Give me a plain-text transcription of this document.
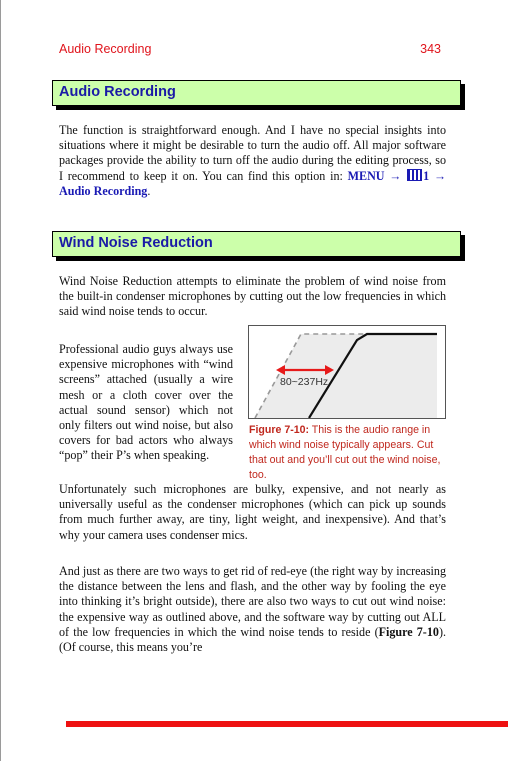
Audio Recording	343
Audio Recording

The function is straightforward enough. And I have no special insights into situations where it might be desirable to turn the audio off. All major software packages provide the ability to turn off the audio during the editing process, so I recommend to keep it on. You can find this option in: MENU → 1 → Audio Recording.

Wind Noise Reduction

Wind Noise Reduction attempts to eliminate the problem of wind noise from the built-in condenser microphones by cutting out the low frequencies in which said wind noise tends to occur.

Professional audio guys always use expensive microphones with “wind screens” attached (usually a wire mesh or a cloth cover over the actual sound sensor) which not only filters out wind noise, but also covers for bad actors who always “pop” their P’s when speaking.

Unfortunately such microphones are bulky, expensive, and not nearly as universally useful as the condenser microphones (which can pick up sounds from much further away, are tiny, light weight, and inexpensive). And that’s why your camera uses condenser mics.

And just as there are two ways to get rid of red-eye (the right way by increasing the distance between the lens and flash, and the other way by fooling the eye into thinking it’s bright outside), there are also two ways to cut out wind noise: the expensive way as outlined above, and the software way by cutting out ALL of the low frequencies in which the wind noise tends to reside (Figure 7-10). (Of course, this means you’re

80~237Hz
Figure 7-10: This is the audio range in which wind noise typically appears. Cut that out and you’ll cut out the wind noise, too.
